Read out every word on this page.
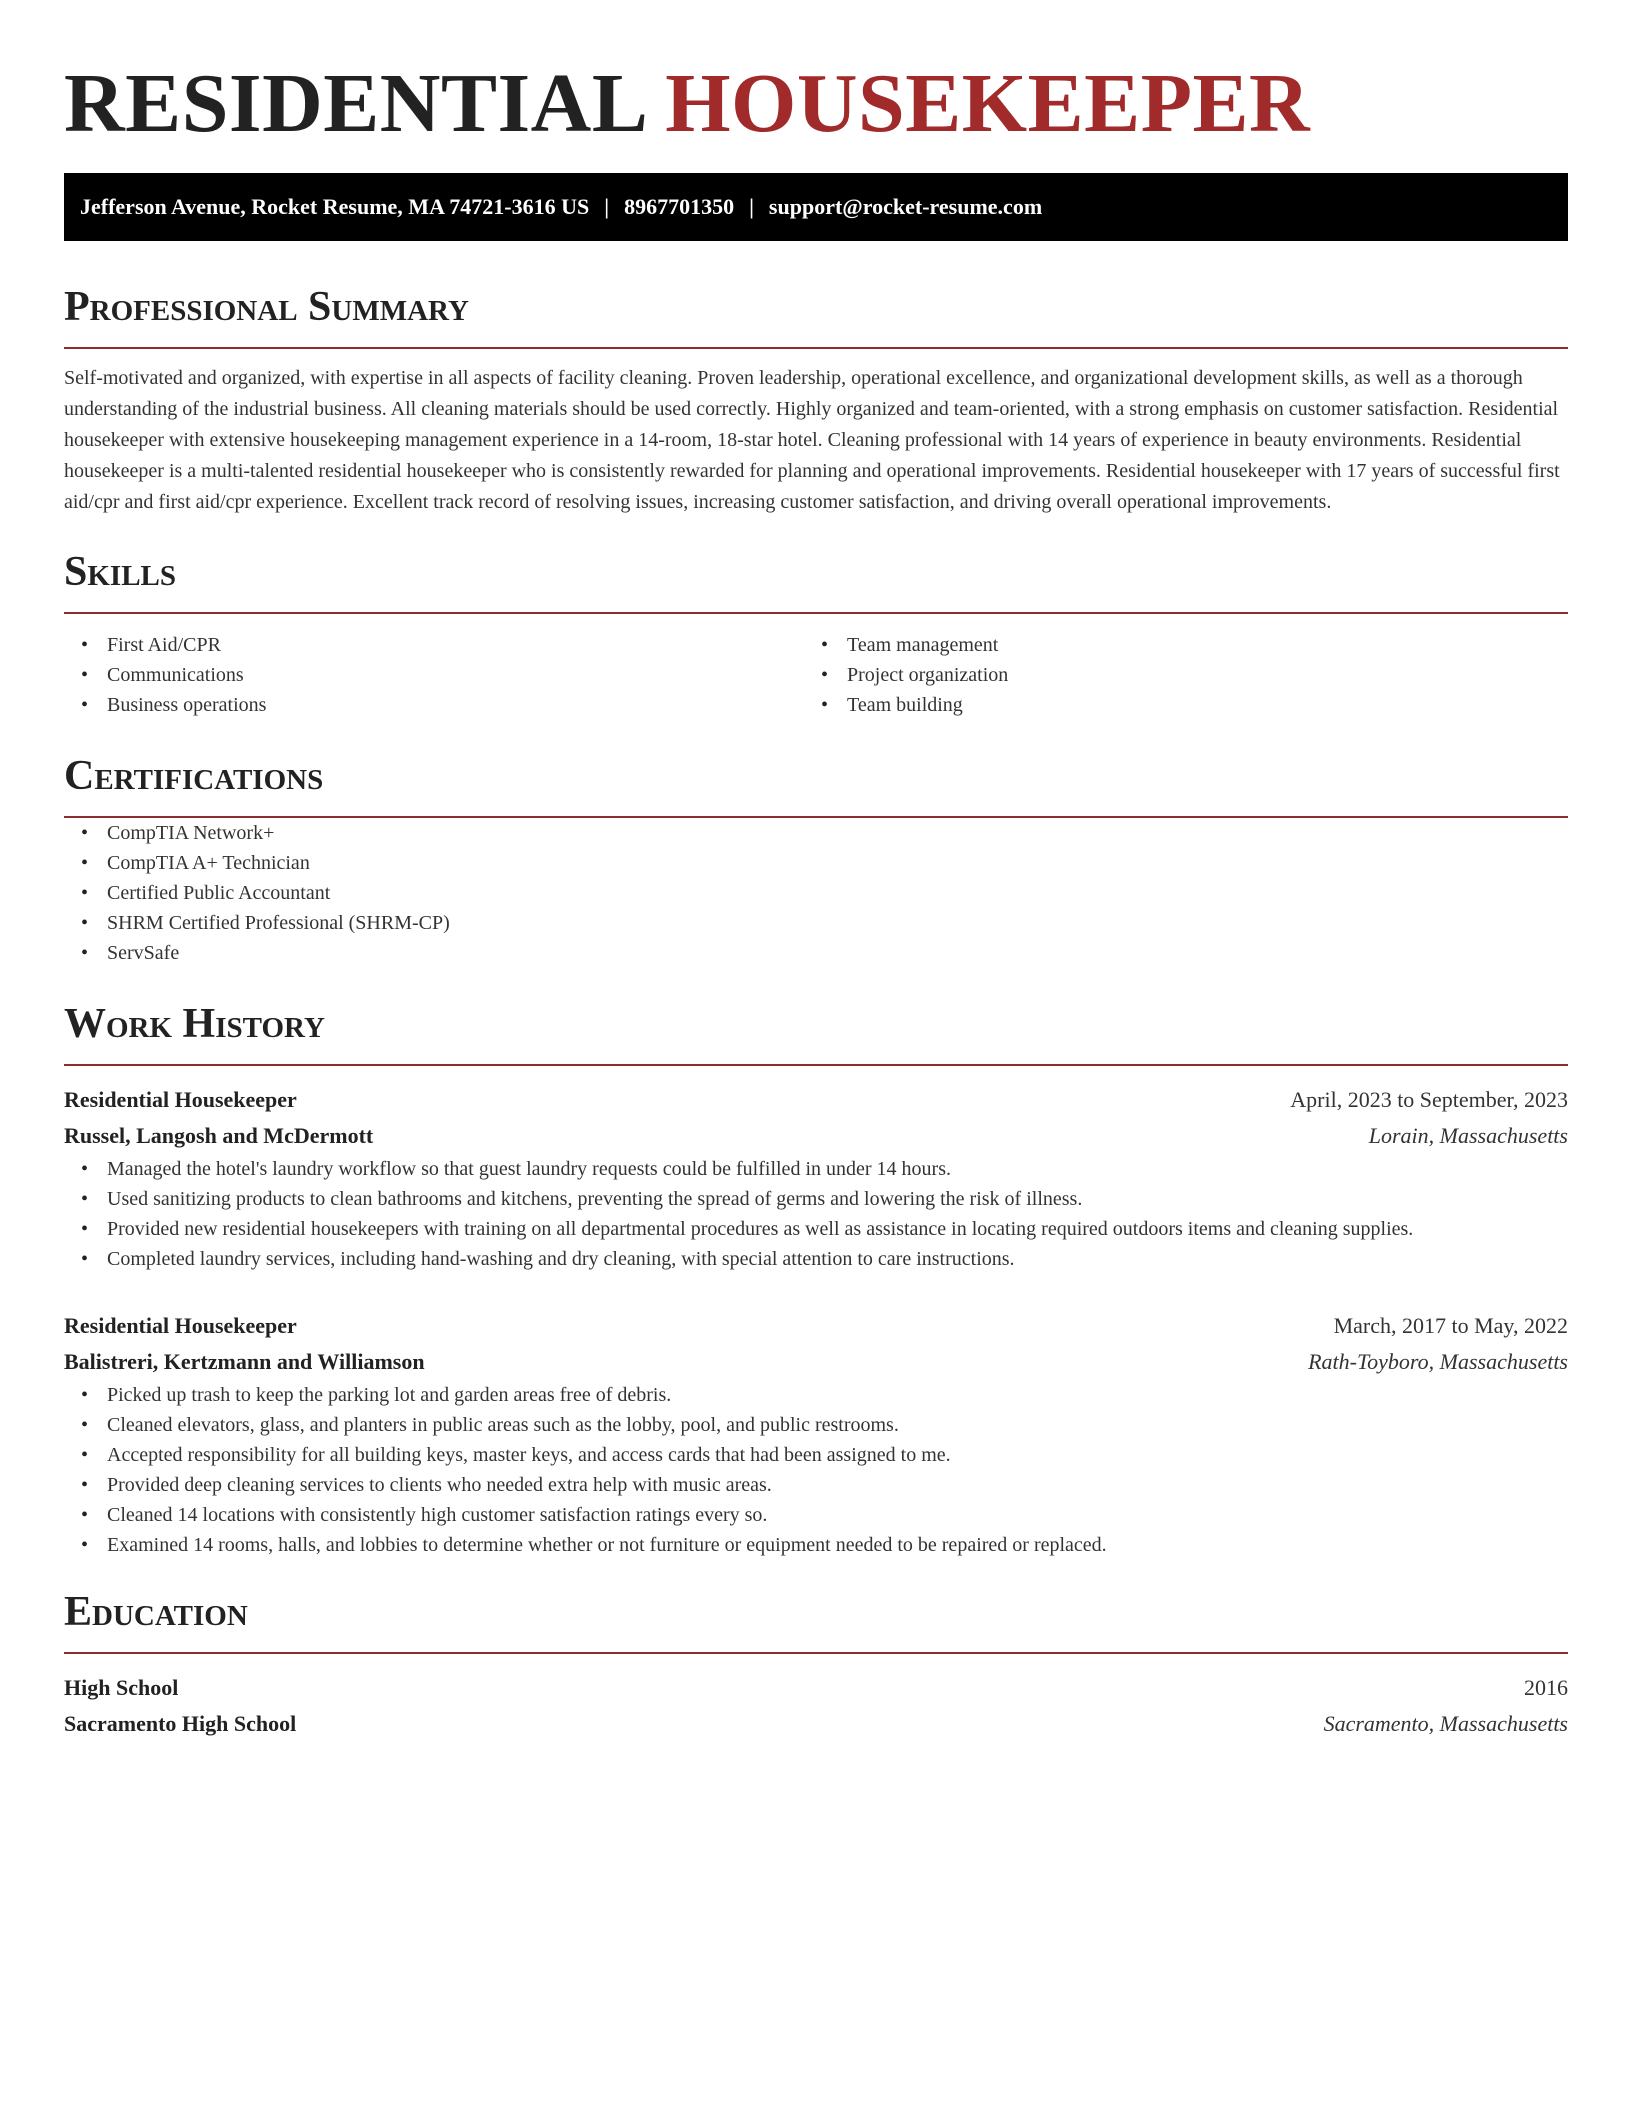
RESIDENTIAL HOUSEKEEPER
Jefferson Avenue, Rocket Resume, MA 74721-3616 US | 8967701350 | support@rocket-resume.com
Professional Summary

Self-motivated and organized, with expertise in all aspects of facility cleaning. Proven leadership, operational excellence, and organizational development skills, as well as a thorough understanding of the industrial business. All cleaning materials should be used correctly. Highly organized and team-oriented, with a strong emphasis on customer satisfaction. Residential housekeeper with extensive housekeeping management experience in a 14-room, 18-star hotel. Cleaning professional with 14 years of experience in beauty environments. Residential housekeeper is a multi-talented residential housekeeper who is consistently rewarded for planning and operational improvements. Residential housekeeper with 17 years of successful first aid/cpr and first aid/cpr experience. Excellent track record of resolving issues, increasing customer satisfaction, and driving overall operational improvements.

Skills
• First Aid/CPR
• Communications
• Business operations
• Team management
• Project organization
• Team building
Certifications
• CompTIA Network+
• CompTIA A+ Technician
• Certified Public Accountant
• SHRM Certified Professional (SHRM-CP)
• ServSafe
Work History
Residential Housekeeper	April, 2023 to September, 2023
Russel, Langosh and McDermott	Lorain, Massachusetts
• Managed the hotel's laundry workflow so that guest laundry requests could be fulfilled in under 14 hours.
• Used sanitizing products to clean bathrooms and kitchens, preventing the spread of germs and lowering the risk of illness.
• Provided new residential housekeepers with training on all departmental procedures as well as assistance in locating required outdoors items and cleaning supplies.
• Completed laundry services, including hand-washing and dry cleaning, with special attention to care instructions.
Residential Housekeeper	March, 2017 to May, 2022
Balistreri, Kertzmann and Williamson	Rath-Toyboro, Massachusetts
• Picked up trash to keep the parking lot and garden areas free of debris.
• Cleaned elevators, glass, and planters in public areas such as the lobby, pool, and public restrooms.
• Accepted responsibility for all building keys, master keys, and access cards that had been assigned to me.
• Provided deep cleaning services to clients who needed extra help with music areas.
• Cleaned 14 locations with consistently high customer satisfaction ratings every so.
• Examined 14 rooms, halls, and lobbies to determine whether or not furniture or equipment needed to be repaired or replaced.
Education
High School	2016
Sacramento High School	Sacramento, Massachusetts
